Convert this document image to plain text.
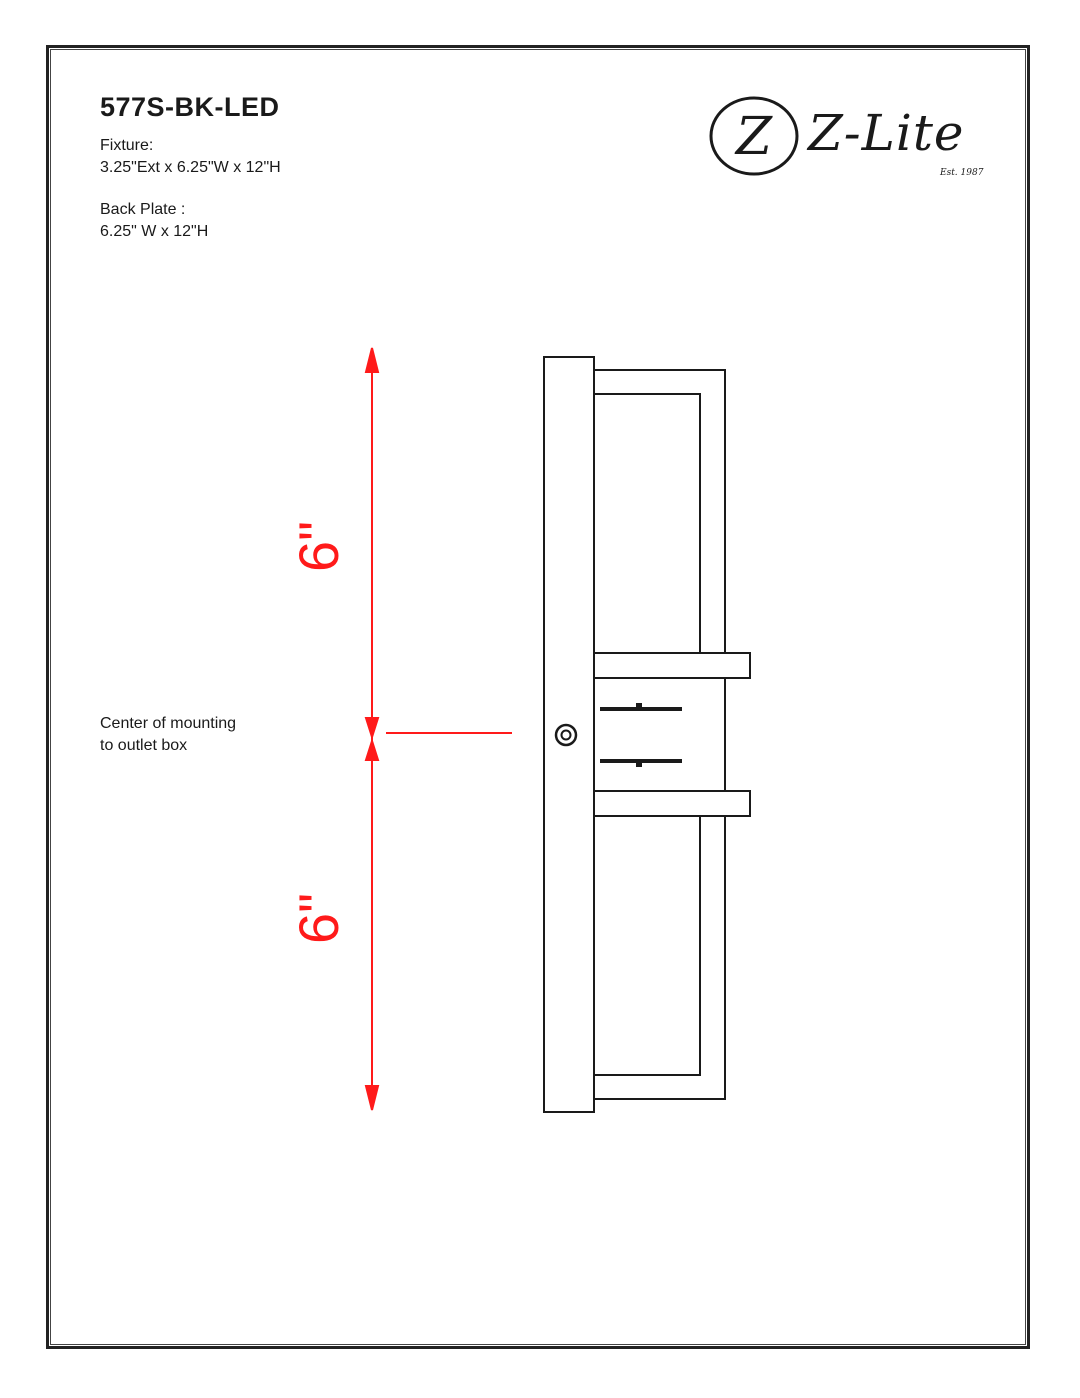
577S-BK-LED
Fixture:
3.25"Ext x 6.25"W x 12"H
Back Plate :
6.25" W x 12"H
Z Z-Lite
Est. 1987
Center of mounting
to outlet box
6"
6"
